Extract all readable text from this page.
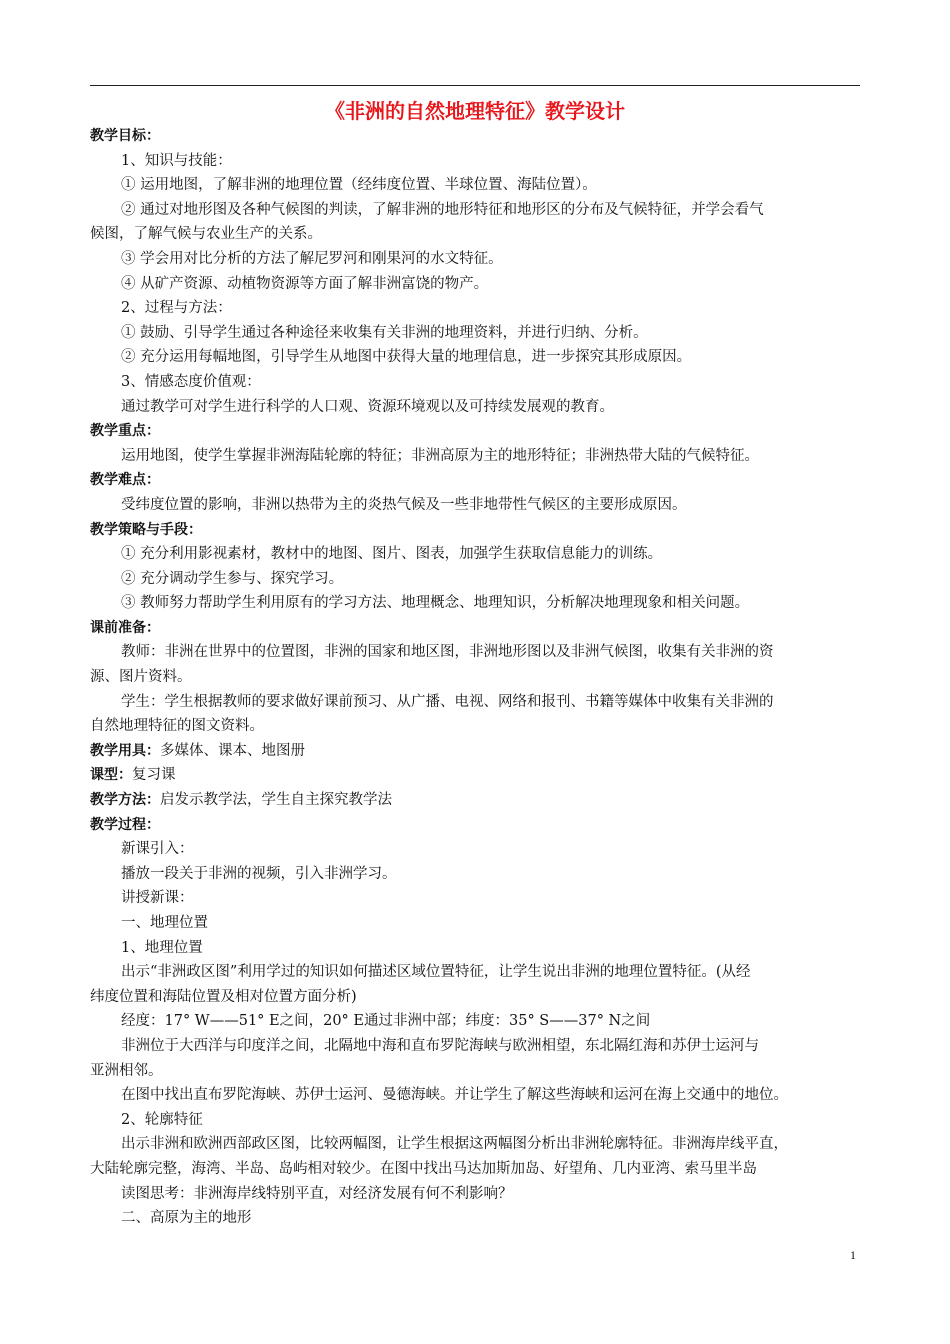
《非洲的自然地理特征》教学设计
教学目标：
1、知识与技能：
① 运用地图，了解非洲的地理位置（经纬度位置、半球位置、海陆位置）。
② 通过对地形图及各种气候图的判读，了解非洲的地形特征和地形区的分布及气候特征，并学会看气
候图，了解气候与农业生产的关系。
③ 学会用对比分析的方法了解尼罗河和刚果河的水文特征。
④ 从矿产资源、动植物资源等方面了解非洲富饶的物产。
2、过程与方法：
① 鼓励、引导学生通过各种途径来收集有关非洲的地理资料，并进行归纳、分析。
② 充分运用每幅地图，引导学生从地图中获得大量的地理信息，进一步探究其形成原因。
3、情感态度价值观：
通过教学可对学生进行科学的人口观、资源环境观以及可持续发展观的教育。
教学重点：
运用地图，使学生掌握非洲海陆轮廓的特征；非洲高原为主的地形特征；非洲热带大陆的气候特征。
教学难点：
受纬度位置的影响，非洲以热带为主的炎热气候及一些非地带性气候区的主要形成原因。
教学策略与手段：
① 充分利用影视素材，教材中的地图、图片、图表，加强学生获取信息能力的训练。
② 充分调动学生参与、探究学习。
③ 教师努力帮助学生利用原有的学习方法、地理概念、地理知识，分析解决地理现象和相关问题。
课前准备：
教师：非洲在世界中的位置图，非洲的国家和地区图，非洲地形图以及非洲气候图，收集有关非洲的资
源、图片资料。
学生：学生根据教师的要求做好课前预习、从广播、电视、网络和报刊、书籍等媒体中收集有关非洲的
自然地理特征的图文资料。
教学用具：多媒体、课本、地图册
课型：复习课
教学方法：启发示教学法，学生自主探究教学法
教学过程：
新课引入：
播放一段关于非洲的视频，引入非洲学习。
讲授新课：
一、地理位置
1、地理位置
出示“非洲政区图”利用学过的知识如何描述区域位置特征，让学生说出非洲的地理位置特征。(从经
纬度位置和海陆位置及相对位置方面分析)
经度：17° W——51° E之间，20° E通过非洲中部；纬度：35° S——37° N之间
非洲位于大西洋与印度洋之间，北隔地中海和直布罗陀海峡与欧洲相望，东北隔红海和苏伊士运河与
亚洲相邻。
在图中找出直布罗陀海峡、苏伊士运河、曼德海峡。并让学生了解这些海峡和运河在海上交通中的地位。
2、轮廓特征
出示非洲和欧洲西部政区图，比较两幅图，让学生根据这两幅图分析出非洲轮廓特征。非洲海岸线平直，
大陆轮廓完整，海湾、半岛、岛屿相对较少。在图中找出马达加斯加岛、好望角、几内亚湾、索马里半岛
读图思考：非洲海岸线特别平直，对经济发展有何不利影响？
二、高原为主的地形
1
